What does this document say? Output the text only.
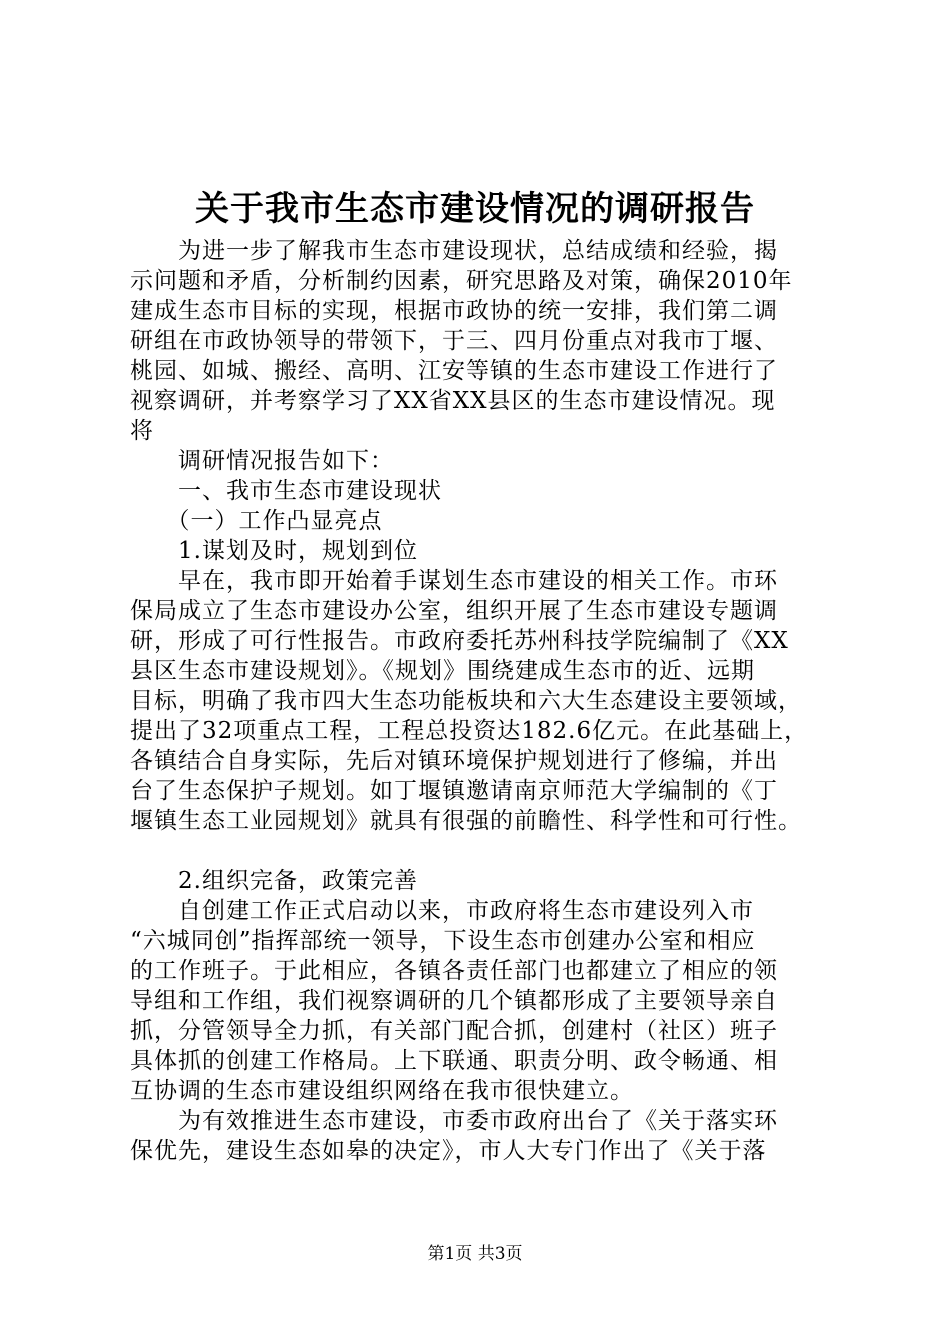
关于我市生态市建设情况的调研报告
　　为进一步了解我市生态市建设现状，总结成绩和经验，揭
示问题和矛盾，分析制约因素，研究思路及对策，确保2010年
建成生态市目标的实现，根据市政协的统一安排，我们第二调
研组在市政协领导的带领下，于三、四月份重点对我市丁堰、
桃园、如城、搬经、高明、江安等镇的生态市建设工作进行了
视察调研，并考察学习了XX省XX县区的生态市建设情况。现
将
　　调研情况报告如下：
　　一、我市生态市建设现状
　　（一）工作凸显亮点
　　1.谋划及时，规划到位
　　早在，我市即开始着手谋划生态市建设的相关工作。市环
保局成立了生态市建设办公室，组织开展了生态市建设专题调
研，形成了可行性报告。市政府委托苏州科技学院编制了《XX
县区生态市建设规划》。《规划》围绕建成生态市的近、远期
目标，明确了我市四大生态功能板块和六大生态建设主要领域，
提出了32项重点工程，工程总投资达182.6亿元。在此基础上，
各镇结合自身实际，先后对镇环境保护规划进行了修编，并出
台了生态保护子规划。如丁堰镇邀请南京师范大学编制的《丁
堰镇生态工业园规划》就具有很强的前瞻性、科学性和可行性。
　　2.组织完备，政策完善
　　自创建工作正式启动以来，市政府将生态市建设列入市
“六城同创”指挥部统一领导，下设生态市创建办公室和相应
的工作班子。于此相应，各镇各责任部门也都建立了相应的领
导组和工作组，我们视察调研的几个镇都形成了主要领导亲自
抓，分管领导全力抓，有关部门配合抓，创建村（社区）班子
具体抓的创建工作格局。上下联通、职责分明、政令畅通、相
互协调的生态市建设组织网络在我市很快建立。
　　为有效推进生态市建设，市委市政府出台了《关于落实环
保优先，建设生态如皋的决定》，市人大专门作出了《关于落
第1页 共3页
